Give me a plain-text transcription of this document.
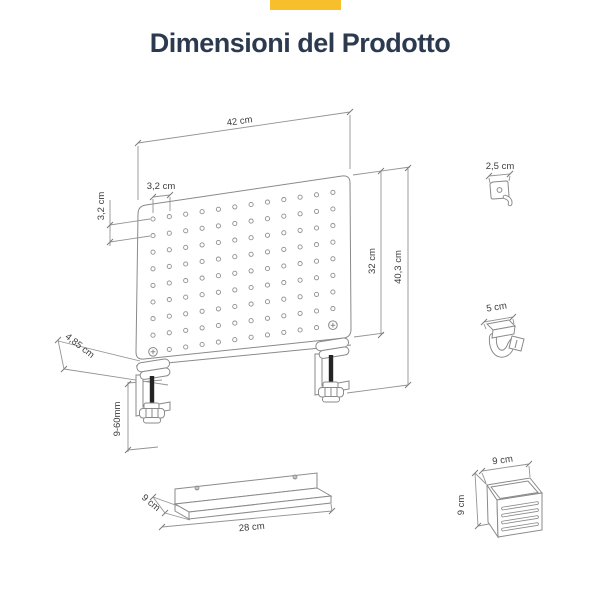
Dimensioni del Prodotto
42 cm
3,2 cm
3,2 cm
32 cm 40,3 cm
4,85 cm
9-60mm
2,5 cm
5 cm
9 cm
28 cm
9 cm
9 cm
